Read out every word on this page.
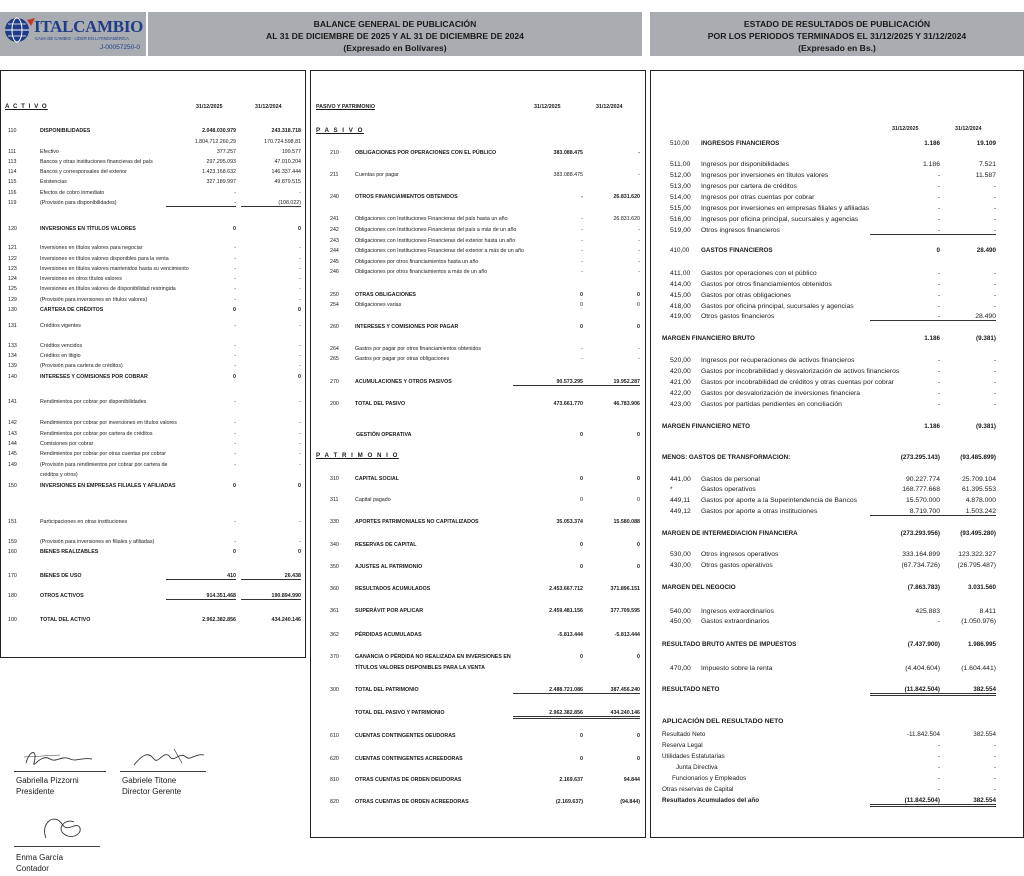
ITALCAMBIO
CASA DE CAMBIO · LÍDER EN LATINOAMÉRICA
J-00057250-0
BALANCE GENERAL DE PUBLICACIÓN
AL 31 DE DICIEMBRE DE 2025 Y AL 31 DE DICIEMBRE DE 2024
(Expresado en Bolívares)
ESTADO DE RESULTADOS DE PUBLICACIÓN
POR LOS PERIODOS TERMINADOS EL 31/12/2025 Y 31/12/2024
(Expresado en Bs.)
A C T I V O	31/12/2025	31/12/2024
110	DISPONIBILIDADES	2.048.030.979	243.318.718
1.804.712.260,29	170.724.598,81
111	Efectivo	377.257	199.577
113	Bancos y otras instituciones financieras del país	297.295.093	47.010.204
114	Bancos y corresponsales del exterior	1.423.168.632	146.337.444
115	Existencias	327.189.997	49.879.515
116	Efectos de cobro inmediato	-	-
119	(Provisión para disponibilidades)	-	(108.022)
120	INVERSIONES EN TÍTULOS VALORES	0	0
121	Inversiones en títulos valores para negociar	-	-
122	Inversiones en títulos valores disponibles para la venta	-	-
123	Inversiones en títulos valores mantenidos hasta su vencimiento	-	-
124	Inversiones en otros títulos valores	-	-
125	Inversiones en títulos valores de disponibilidad restringida	-	-
129	(Provisión para inversiones en títulos valores)	-	-
130	CARTERA DE CRÉDITOS	0	0
131	Créditos vigentes	-	-
133	Créditos vencidos	-	-
134	Créditos en litigio	-	-
139	(Provisión para cartera de créditos)	-	-
140	INTERESES Y COMISIONES POR COBRAR	0	0
141	Rendimientos por cobrar por disponibilidades	-	-
142	Rendimientos por cobrar por inversiones en títulos valores	-	-
143	Rendimientos por cobrar por cartera de créditos	-	-
144	Comisiones por cobrar	-	-
145	Rendimientos por cobrar por otras cuentas por cobrar	-	-
149	(Provisión para rendimientos por cobrar por cartera de	-	-
créditos y otros)
150	INVERSIONES EN EMPRESAS FILIALES Y AFILIADAS	0	0
151	Participaciones en otras instituciones	-	-
159	(Provisión para inversiones en filiales y afiliadas)	-	-
160	BIENES REALIZABLES	0	0
170	BIENES DE USO	410	26.438
180	OTROS ACTIVOS	914.351.468	190.894.990
100	TOTAL DEL ACTIVO	2.962.382.856	434.240.146
PASIVO Y PATRIMONIO	31/12/2025	31/12/2024
P A S I V O
P A T R I M O N I O
210	OBLIGACIONES POR OPERACIONES CON EL PÚBLICO	383.088.475	-
211	Cuentas por pagar	383.088.475	-
240	OTROS FINANCIAMIENTOS OBTENIDOS	-	26.831.620
241	Obligaciones con Instituciones Financieras del país hasta un año	-	26.831.620
242	Obligaciones con Instituciones Financieras del país a más de un año	-	-
243	Obligaciones con Instituciones Financieras del exterior hasta un año	-	-
244	Obligaciones con Instituciones Financieras del exterior a más de un año	-	-
245	Obligaciones por otros financiamientos hasta un año	-	-
246	Obligaciones por otros financiamientos a más de un año	-	-
250	OTRAS OBLIGACIONES	0	0
254	Obligaciones varias	0	0
260	INTERESES Y COMISIONES POR PAGAR	0	0
264	Gastos por pagar por otros financiamientos obtenidos	-	-
265	Gastos por pagar por otras obligaciones	-	-
270	ACUMULACIONES Y OTROS PASIVOS	90.573.295	19.952.287
200	TOTAL DEL PASIVO	473.661.770	46.783.906
GESTIÓN OPERATIVA	0	0
310	CAPITAL SOCIAL	0	0
311	Capital pagado	0	0
330	APORTES PATRIMONIALES NO CAPITALIZADOS	35.053.374	15.580.088
340	RESERVAS DE CAPITAL	0	0
350	AJUSTES AL PATRIMONIO	0	0
360	RESULTADOS ACUMULADOS	2.453.667.712	371.896.151
361	SUPERÁVIT POR APLICAR	2.459.481.156	377.709.595
362	PÉRDIDAS ACUMULADAS	-5.813.444	-5.813.444
370	GANANCIA O PÉRDIDA NO REALIZADA EN INVERSIONES EN	0	0
TÍTULOS VALORES DISPONIBLES PARA LA VENTA
300	TOTAL DEL PATRIMONIO	2.488.721.086	387.456.240
TOTAL DEL PASIVO Y PATRIMONIO	2.962.382.856	434.240.146
610	CUENTAS CONTINGENTES DEUDORAS	0	0
620	CUENTAS CONTINGENTES ACREEDORAS	0	0
810	OTRAS CUENTAS DE ORDEN DEUDORAS	2.169.637	94.844
820	OTRAS CUENTAS DE ORDEN ACREEDORAS	(2.169.637)	(94.844)
31/12/2025	31/12/2024
510,00 INGRESOS FINANCIEROS	1.186	19.109
511,00 Ingresos por disponibilidades	1.186	7.521
512,00 Ingresos por inversiones en títulos valores	-	11.587
513,00 Ingresos por cartera de créditos	-	-
514,00 Ingresos por otras cuentas por cobrar	-	-
515,00 Ingresos por inversiones en empresas filiales y afiliadas	-	-
516,00 Ingresos por oficina principal, sucursales y agencias	-	-
519,00 Otros ingresos financieros	-	-
410,00 GASTOS FINANCIEROS	0	28.490
411,00 Gastos por operaciones con el público	-	-
414,00 Gastos por otros financiamientos obtenidos	-	-
415,00 Gastos por otras obligaciones	-	-
418,00 Gastos por oficina principal, sucursales y agencias	-	-
419,00 Otros gastos financieros	-	28.490
MARGEN FINANCIERO BRUTO	1.186	(9.381)
520,00 Ingresos por recuperaciones de activos financieros	-	-
420,00 Gastos por incobrabilidad y desvalorización de activos financieros	-	-
421,00 Gastos por incobrabilidad de créditos y otras cuentas por cobrar	-	-
422,00 Gastos por desvalorización de inversiones financiera	-	-
423,00 Gastos por partidas pendientes en conciliación	-	-
MARGEN FINANCIERO NETO	1.186	(9.381)
MENOS: GASTOS DE TRANSFORMACION:	(273.295.143)	(93.485.899)
441,00 Gastos de personal	90.227.774	25.709.104
*	Gastos operativos	168.777.668	61.395.553
449,11 Gastos por aporte a la Superintendencia de Bancos	15.570.000	4.878.000
449,12 Gastos por aporte a otras instituciones	8.719.700	1.503.242
MARGEN DE INTERMEDIACION FINANCIERA	(273.293.956)	(93.495.280)
530,00 Otros ingresos operativos	333.164.899	123.322.327
430,00 Otros gastos operativos	(67.734.726)	(26.795.487)
MARGEN DEL NEGOCIO	(7.863.783)	3.031.560
540,00 Ingresos extraordinarios	425.883	8.411
450,00 Gastos extraordinarios	-	(1.050.976)
RESULTADO BRUTO ANTES DE IMPUESTOS	(7.437.900)	1.986.995
470,00 Impuesto sobre la renta	(4.404.604)	(1.604.441)
RESULTADO NETO	(11.842.504)	382.554
APLICACIÓN DEL RESULTADO NETO
Resultado Neto	-11.842.504	382.554
Reserva Legal	-	-
Utilidades Estatutarias	-	-
Junta Directiva	-	-
Funcionarios y Empleados	-	-
Otras reservas de Capital	-	-
Resultados Acumulados del año	(11.842.504)	382.554
Gabriella Pizzorni
Presidente
Gabriele Titone
Director Gerente
Enma García
Contador
